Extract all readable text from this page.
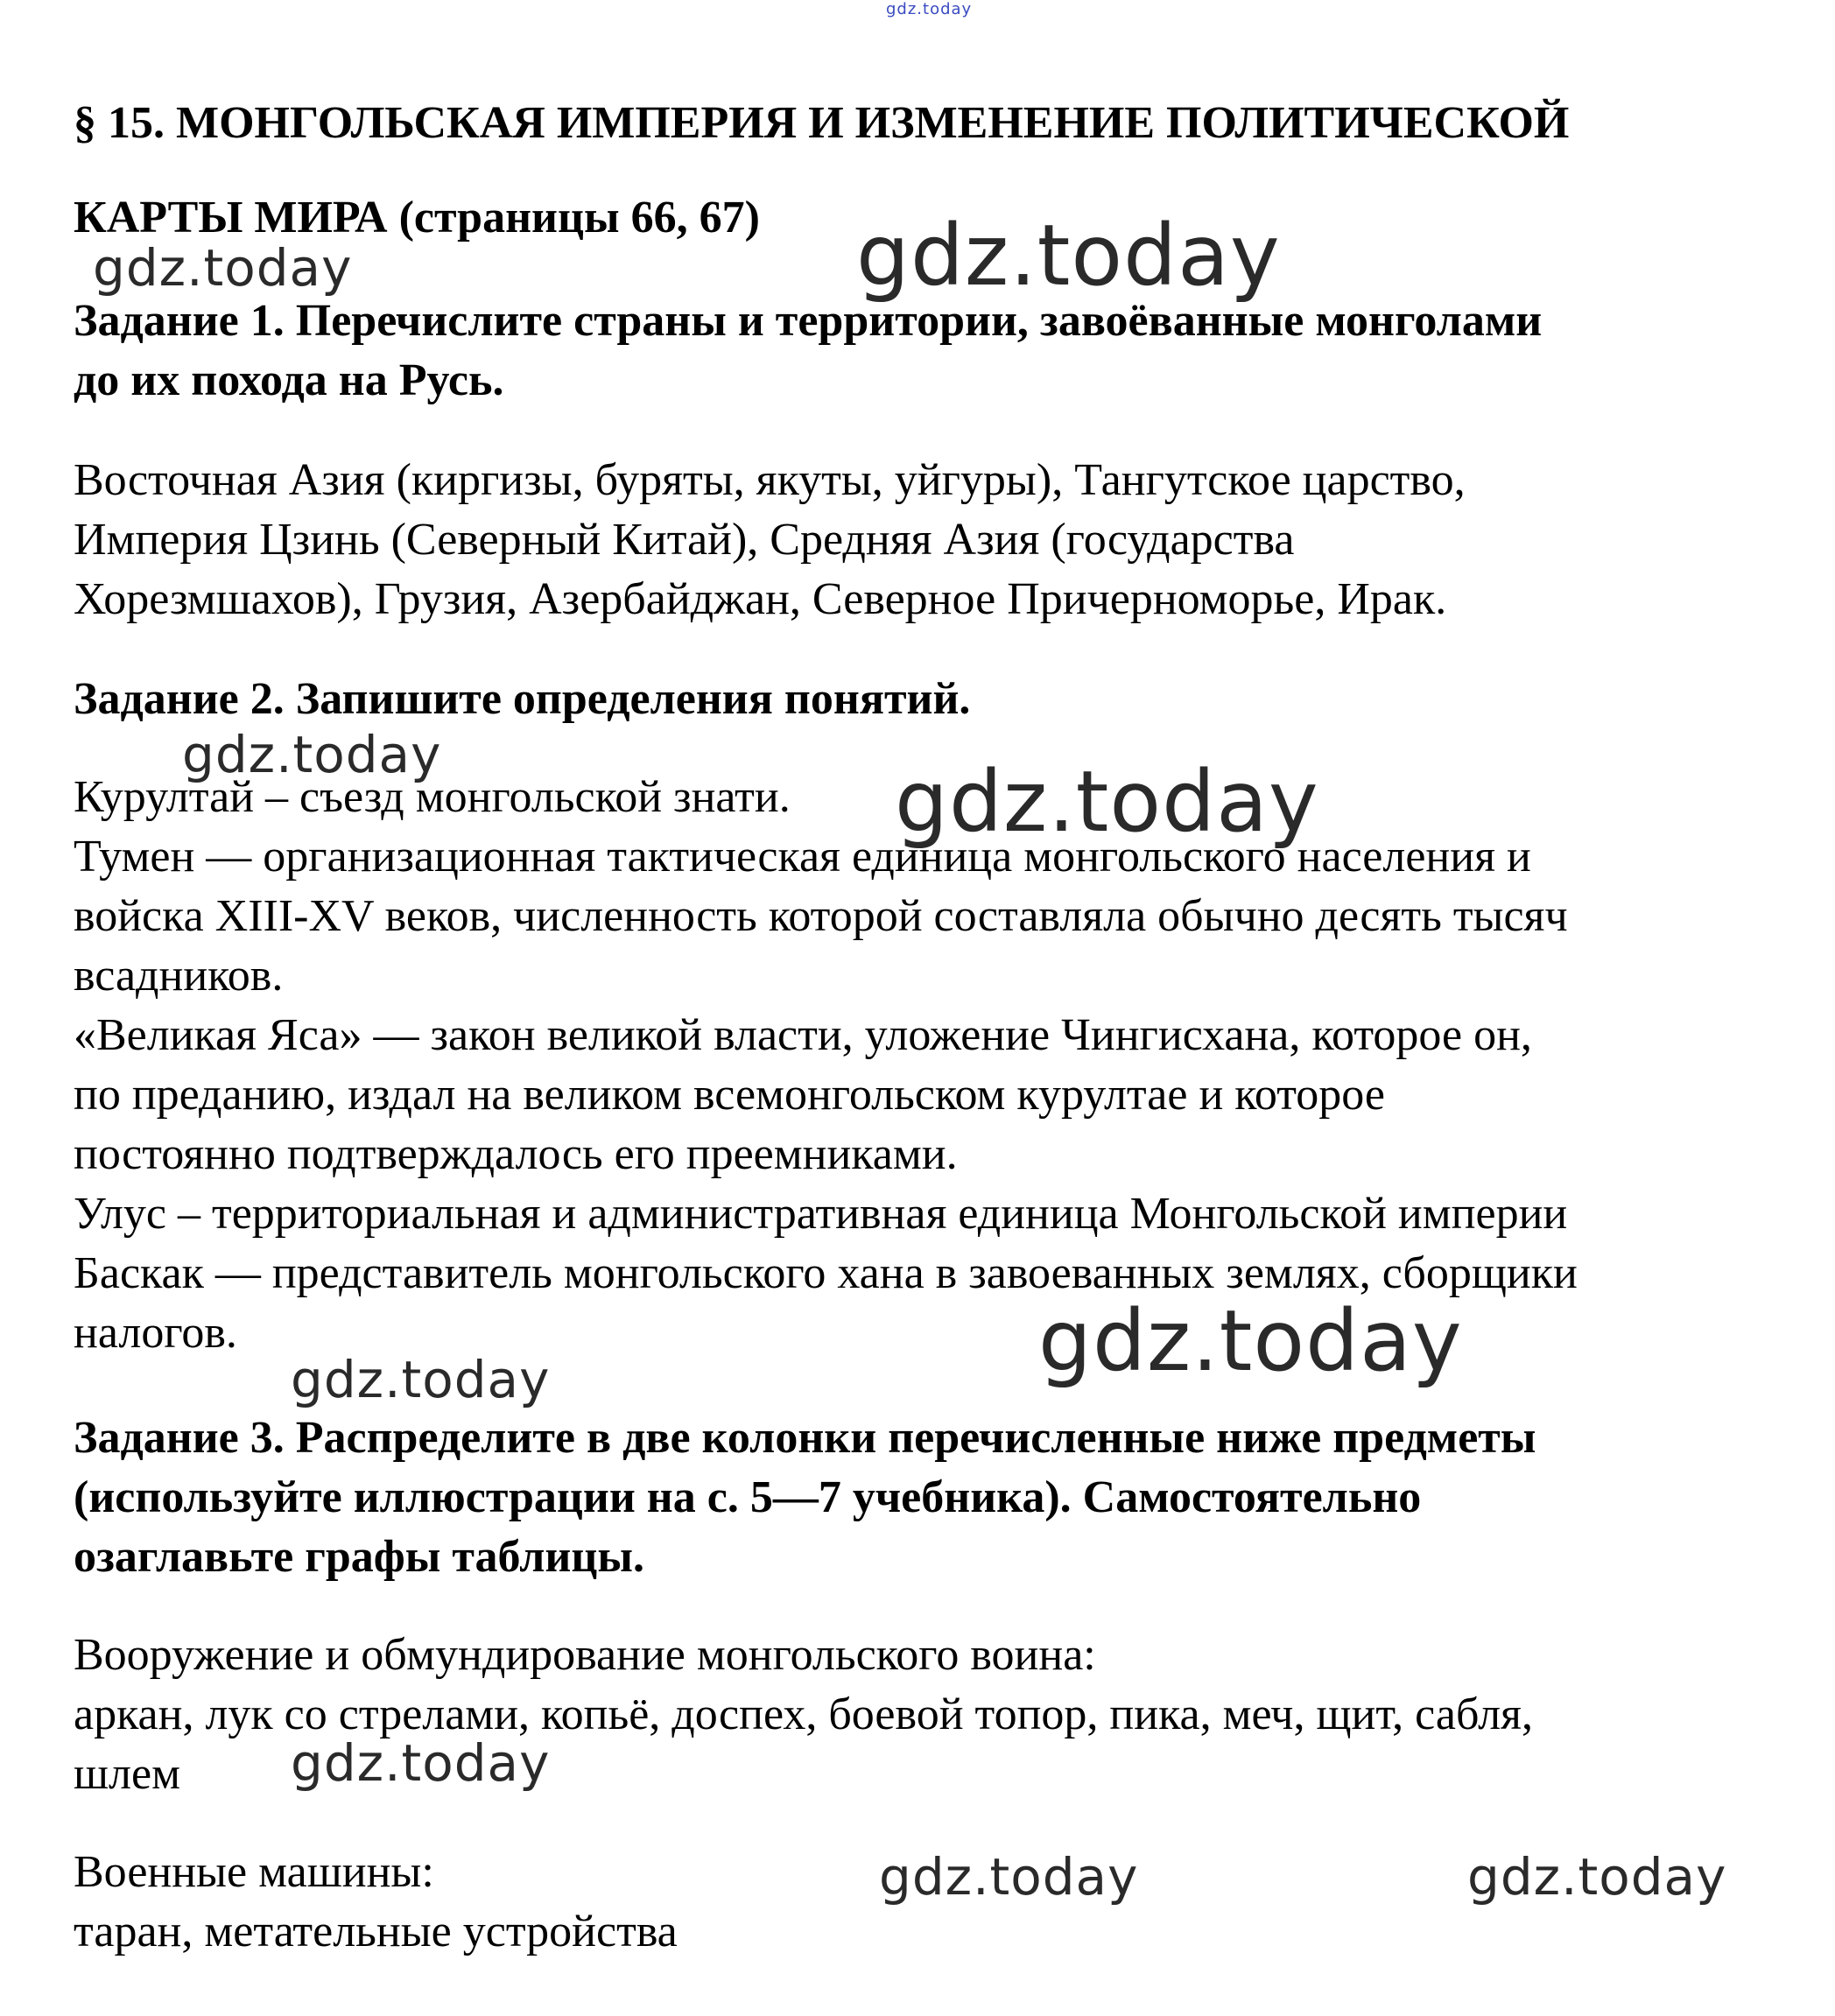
gdz.today
§ 15. МОНГОЛЬСКАЯ ИМПЕРИЯ И ИЗМЕНЕНИЕ ПОЛИТИЧЕСКОЙ
КАРТЫ МИРА (страницы 66, 67)
Задание 1. Перечислите страны и территории, завоёванные монголами
до их похода на Русь.
Восточная Азия (киргизы, буряты, якуты, уйгуры), Тангутское царство,
Империя Цзинь (Северный Китай), Средняя Азия (государства
Хорезмшахов), Грузия, Азербайджан, Северное Причерноморье, Ирак.
Задание 2. Запишите определения понятий.
Курултай – съезд монгольской знати.
Тумен — организационная тактическая единица монгольского населения и
войска XIII-XV веков, численность которой составляла обычно десять тысяч
всадников.
«Великая Яса» — закон великой власти, уложение Чингисхана, которое он,
по преданию, издал на великом всемонгольском курултае и которое
постоянно подтверждалось его преемниками.
Улус – территориальная и административная единица Монгольской империи
Баскак — представитель монгольского хана в завоеванных землях, сборщики
налогов.
Задание 3. Распределите в две колонки перечисленные ниже предметы
(используйте иллюстрации на с. 5—7 учебника). Самостоятельно
озаглавьте графы таблицы.
Вооружение и обмундирование монгольского воина:
аркан, лук со стрелами, копьё, доспех, боевой топор, пика, меч, щит, сабля,
шлем
Военные машины:
таран, метательные устройства
gdz.today	gdz.today
gdz.today	gdz.today
gdz.today
gdz.today
gdz.today
gdz.today	gdz.today
